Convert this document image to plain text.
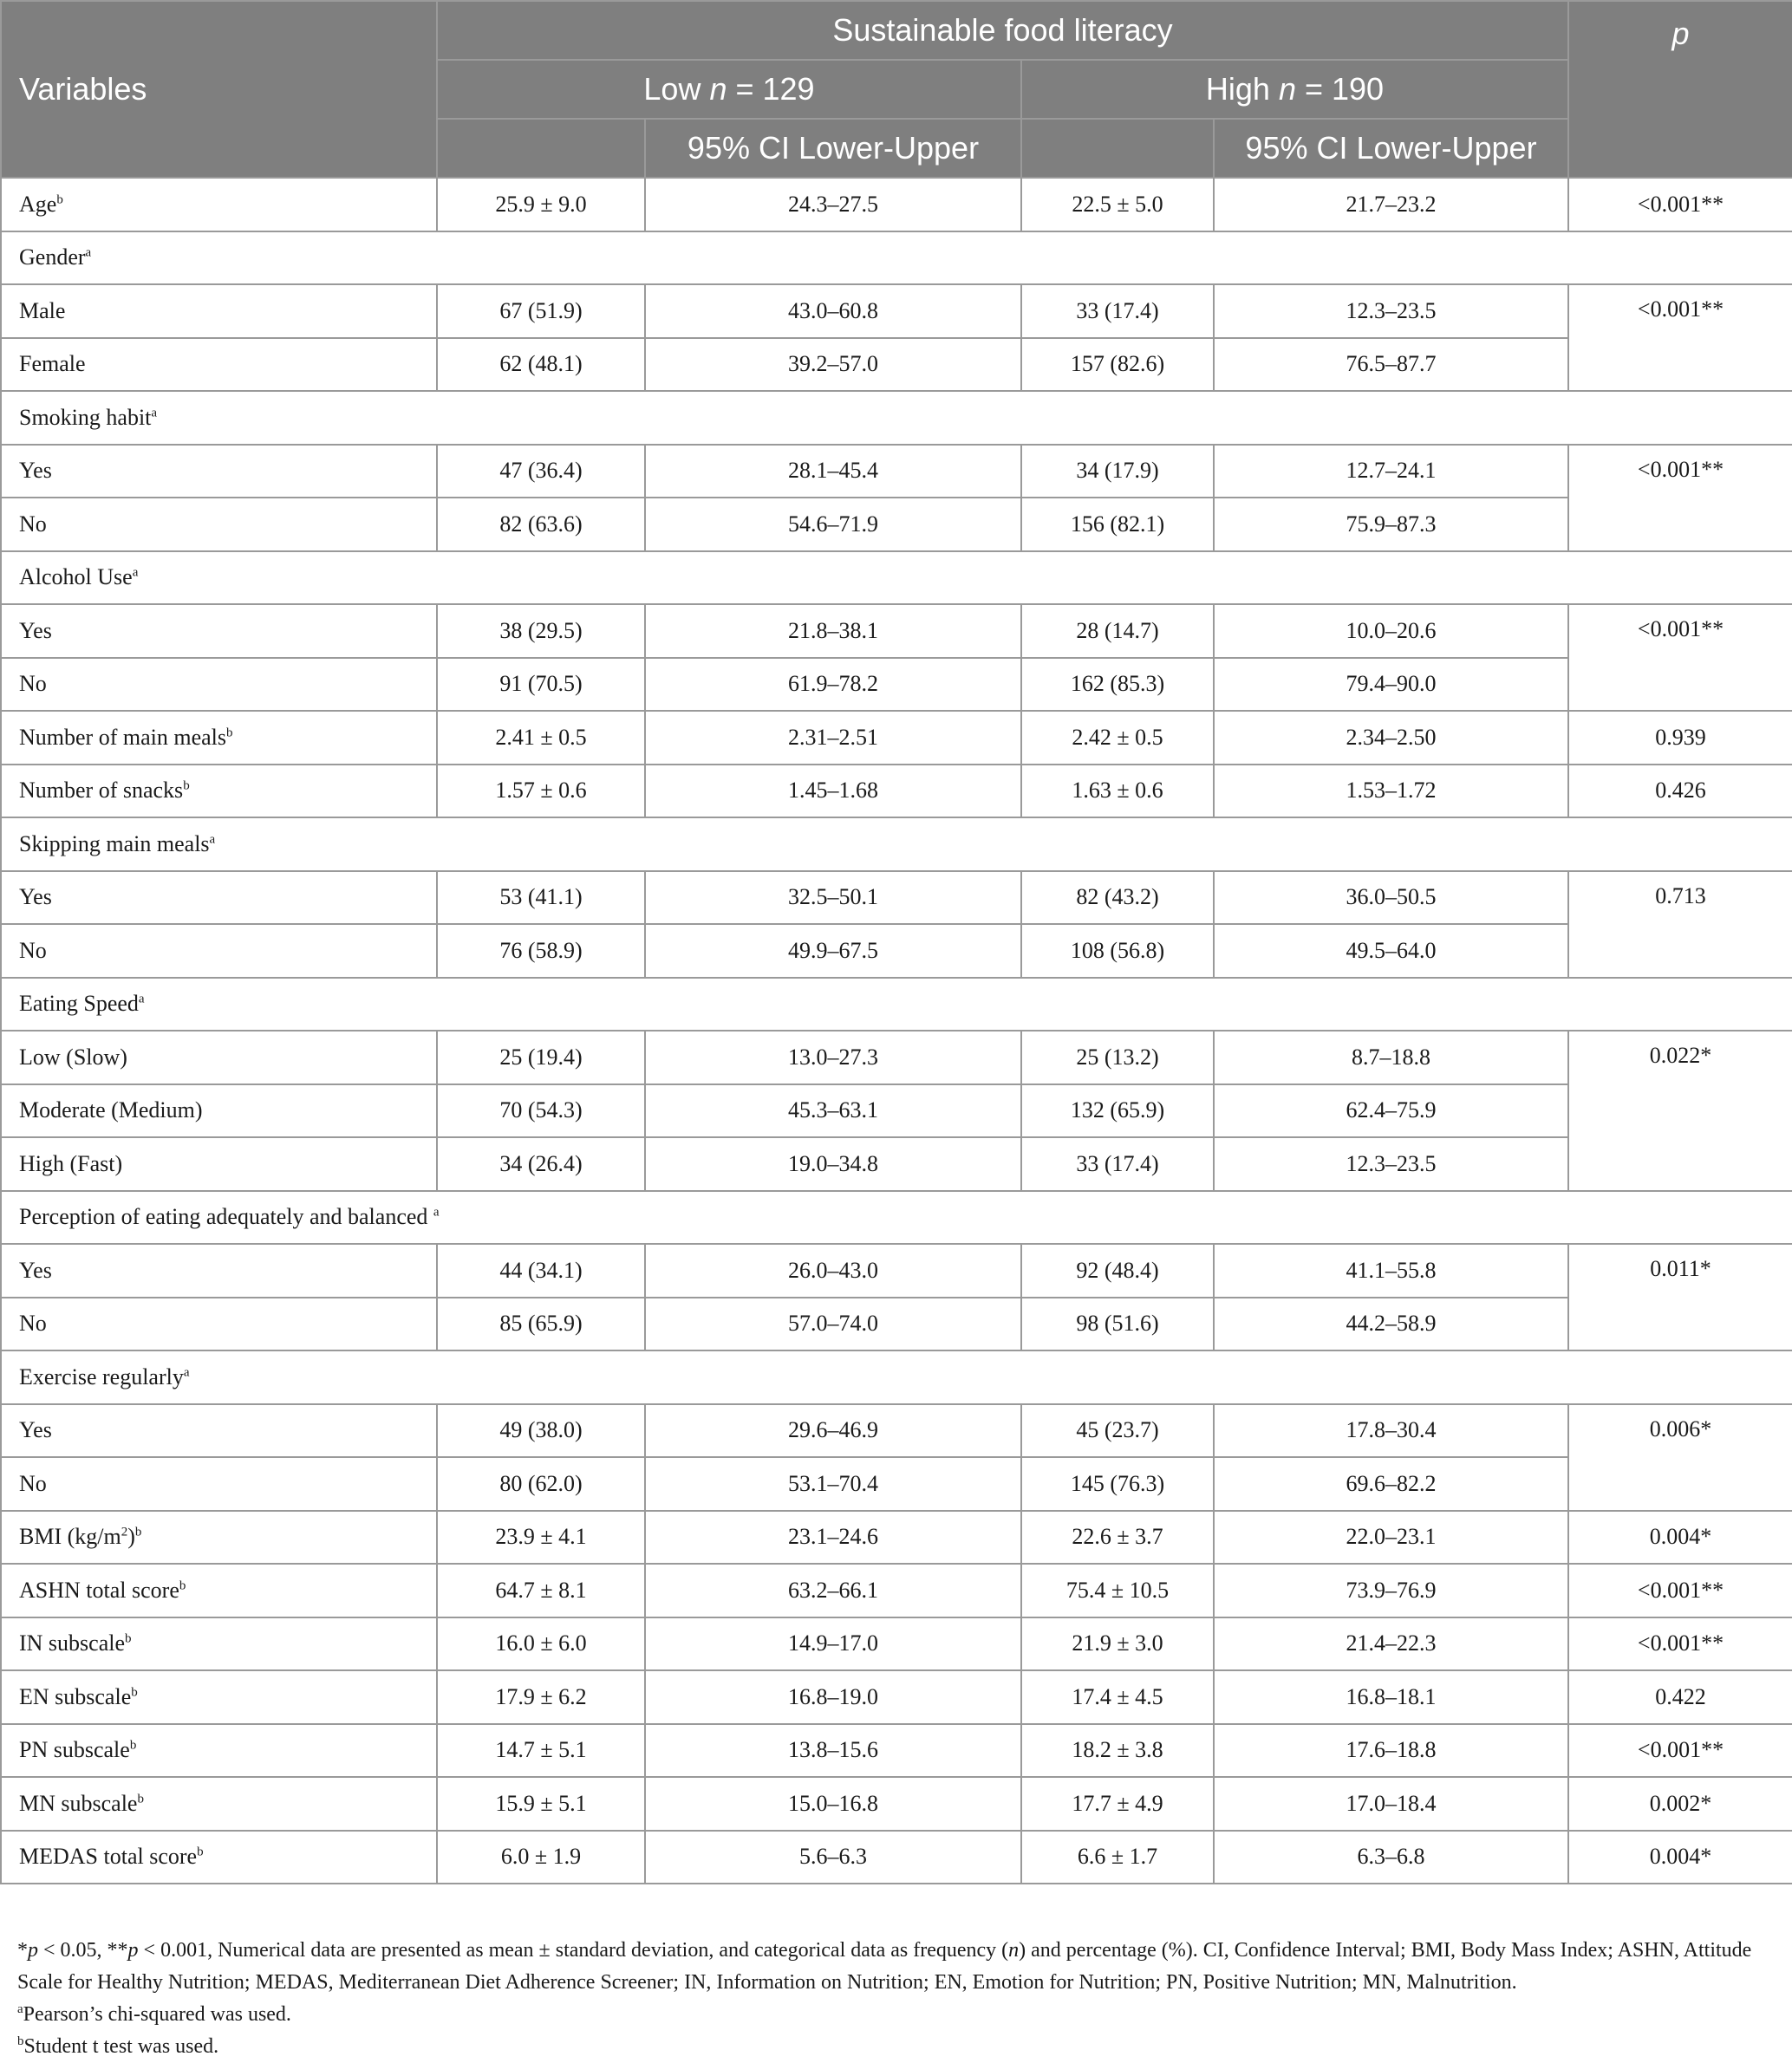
Variables	Sustainable food literacy				p
	Low n = 129		High n = 190		
		95% CI Lower-Upper		95% CI Lower-Upper	
Age$^b$	25.9 ± 9.0	24.3–27.5	22.5 ± 5.0	21.7–23.2	<0.001**
Gender$^a$
Male	67 (51.9)	43.0–60.8	33 (17.4)	12.3–23.5	<0.001**
Female	62 (48.1)	39.2–57.0	157 (82.6)	76.5–87.7	
Smoking habit$^a$
Yes	47 (36.4)	28.1–45.4	34 (17.9)	12.7–24.1	<0.001**
No	82 (63.6)	54.6–71.9	156 (82.1)	75.9–87.3	
Alcohol Use$^a$
Yes	38 (29.5)	21.8–38.1	28 (14.7)	10.0–20.6	<0.001**
No	91 (70.5)	61.9–78.2	162 (85.3)	79.4–90.0	
Number of main meals$^b$	2.41 ± 0.5	2.31–2.51	2.42 ± 0.5	2.34–2.50	0.939
Number of snacks$^b$	1.57 ± 0.6	1.45–1.68	1.63 ± 0.6	1.53–1.72	0.426
Skipping main meals$^a$
Yes	53 (41.1)	32.5–50.1	82 (43.2)	36.0–50.5	0.713
No	76 (58.9)	49.9–67.5	108 (56.8)	49.5–64.0	
Eating Speed$^a$
Low (Slow)	25 (19.4)	13.0–27.3	25 (13.2)	8.7–18.8	0.022*
Moderate (Medium)	70 (54.3)	45.3–63.1	132 (65.9)	62.4–75.9	
High (Fast)	34 (26.4)	19.0–34.8	33 (17.4)	12.3–23.5	
Perception of eating adequately and balanced $^a$
Yes	44 (34.1)	26.0–43.0	92 (48.4)	41.1–55.8	0.011*
No	85 (65.9)	57.0–74.0	98 (51.6)	44.2–58.9	
Exercise regularly$^a$
Yes	49 (38.0)	29.6–46.9	45 (23.7)	17.8–30.4	0.006*
No	80 (62.0)	53.1–70.4	145 (76.3)	69.6–82.2	
BMI $(kg/m^2)^b$	23.9 ± 4.1	23.1–24.6	22.6 ± 3.7	22.0–23.1	0.004*
ASHN total score$^b$	64.7 ± 8.1	63.2–66.1	75.4 ± 10.5	73.9–76.9	<0.001**
IN subscale$^b$	16.0 ± 6.0	14.9–17.0	21.9 ± 3.0	21.4–22.3	<0.001**
EN subscale$^b$	17.9 ± 6.2	16.8–19.0	17.4 ± 4.5	16.8–18.1	0.422
PN subscale$^b$	14.7 ± 5.1	13.8–15.6	18.2 ± 3.8	17.6–18.8	<0.001**
MN subscale$^b$	15.9 ± 5.1	15.0–16.8	17.7 ± 4.9	17.0–18.4	0.002*
MEDAS total score$^b$	6.0 ± 1.9	5.6–6.3	6.6 ± 1.7	6.3–6.8	0.004*

*p < 0.05, **p < 0.001, Numerical data are presented as mean ± standard deviation, and categorical data as frequency (n) and percentage (%). CI, Confidence Interval; BMI, Body Mass Index; ASHN, Attitude Scale for Healthy Nutrition; MEDAS, Mediterranean Diet Adherence Screener; IN, Information on Nutrition; EN, Emotion for Nutrition; PN, Positive Nutrition; MN, Malnutrition.

$^a$Pearson’s chi-squared was used.

$^b$Student t test was used.
